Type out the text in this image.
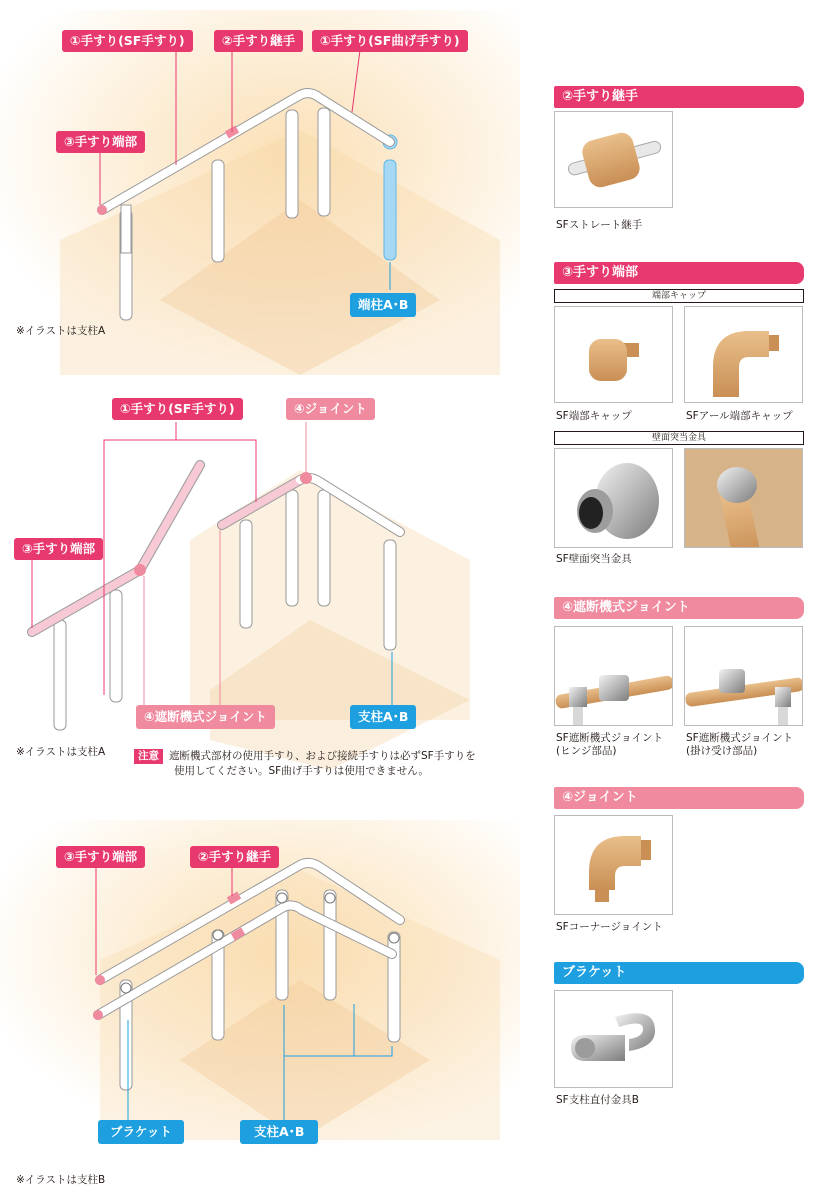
①手すり(SF手すり)	②手すり継手	①手すり(SF曲げ手すり)
③手すり端部
端柱A･B
※イラストは支柱A
①手すり(SF手すり)	④ジョイント
③手すり端部
④遮断機式ジョイント	支柱A･B
※イラストは支柱A	注意 遮断機式部材の使用手すり、および接続手すりは必ずSF手すりを
使用してください。SF曲げ手すりは使用できません。
③手すり端部	②手すり継手
ブラケット	支柱A･B
※イラストは支柱B
②手すり継手
SFストレート継手
③手すり端部
端部キャップ
SF端部キャップ	SFアール端部キャップ
壁面突当金具
SF壁面突当金具
④遮断機式ジョイント
SF遮断機式ジョイント
(ヒンジ部品)
SF遮断機式ジョイント
(掛け受け部品)
④ジョイント
SFコーナージョイント
ブラケット
SF支柱直付金具B
